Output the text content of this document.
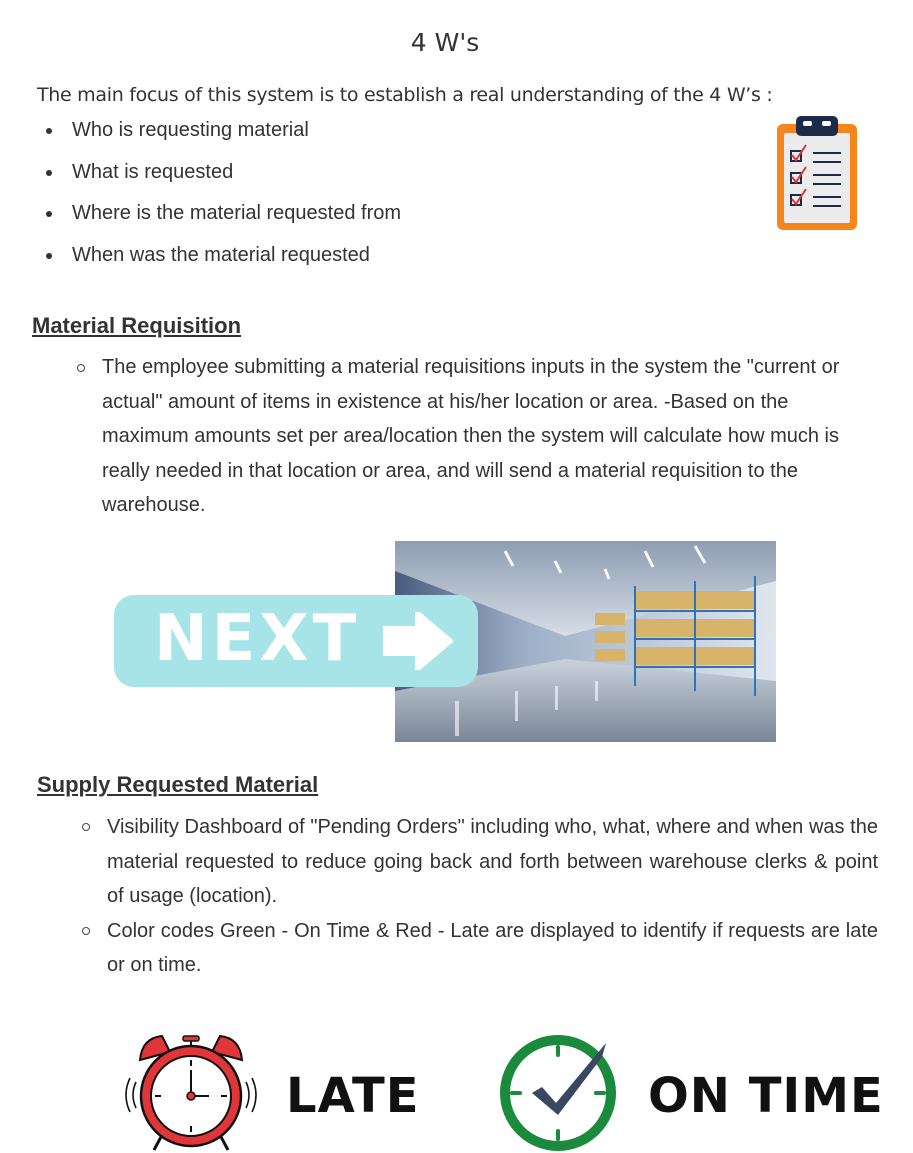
4 W's
The main focus of this system is to establish a real understanding of the 4 W’s :
Who is requesting material
What is requested
Where is the material requested from
When was the material requested
Material Requisition
The employee submitting a material requisitions inputs in the system the "current or actual" amount of items in existence at his/her location or area. -Based on the maximum amounts set per area/location then the system will calculate how much is really needed in that location or area, and will send a material requisition to the warehouse.
NEXT
Supply Requested Material
Visibility Dashboard of "Pending Orders" including who, what, where and when was the material requested to reduce going back and forth between warehouse clerks & point of usage (location).
Color codes Green - On Time & Red - Late are displayed to identify if requests are late or on time.
LATE	ON TIME
